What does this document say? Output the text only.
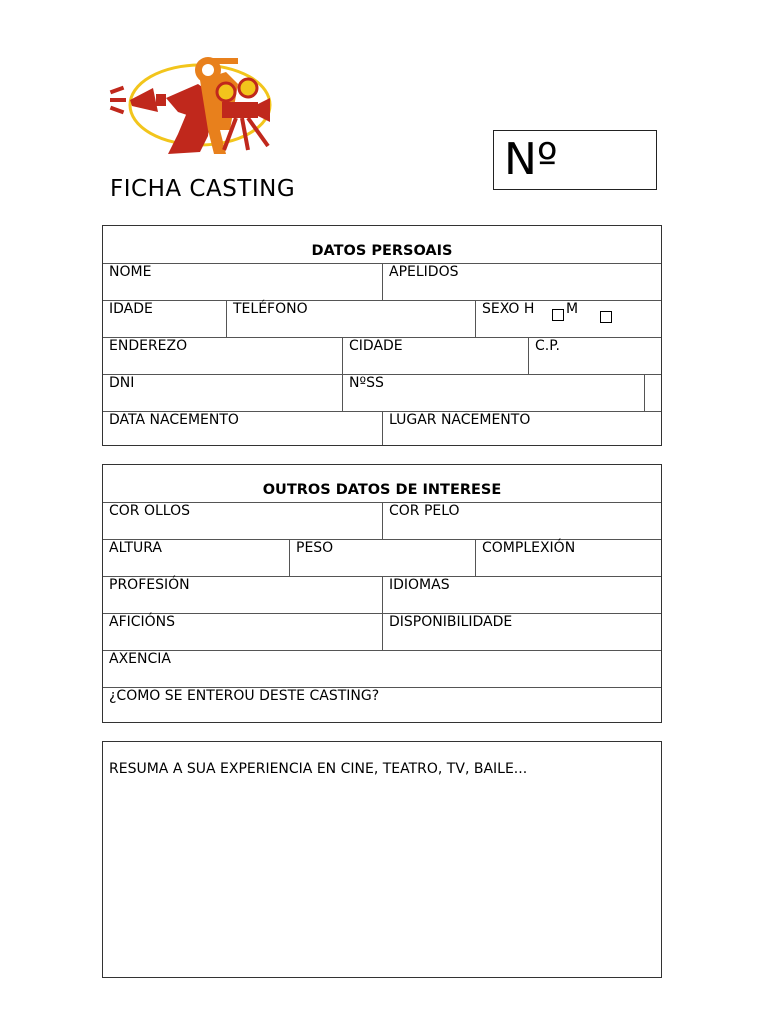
FICHA CASTING
Nº
DATOS PERSOAIS
NOME	APELIDOS
IDADE	TELÉFONO	SEXO H M
ENDEREZO	CIDADE	C.P.
DNI	NºSS
DATA NACEMENTO	LUGAR NACEMENTO
OUTROS DATOS DE INTERESE
COR OLLOS	COR PELO
ALTURA	PESO	COMPLEXIÓN
PROFESIÓN	IDIOMAS
AFICIÓNS	DISPONIBILIDADE
AXENCIA
¿COMO SE ENTEROU DESTE CASTING?
RESUMA A SUA EXPERIENCIA EN CINE, TEATRO, TV, BAILE...
